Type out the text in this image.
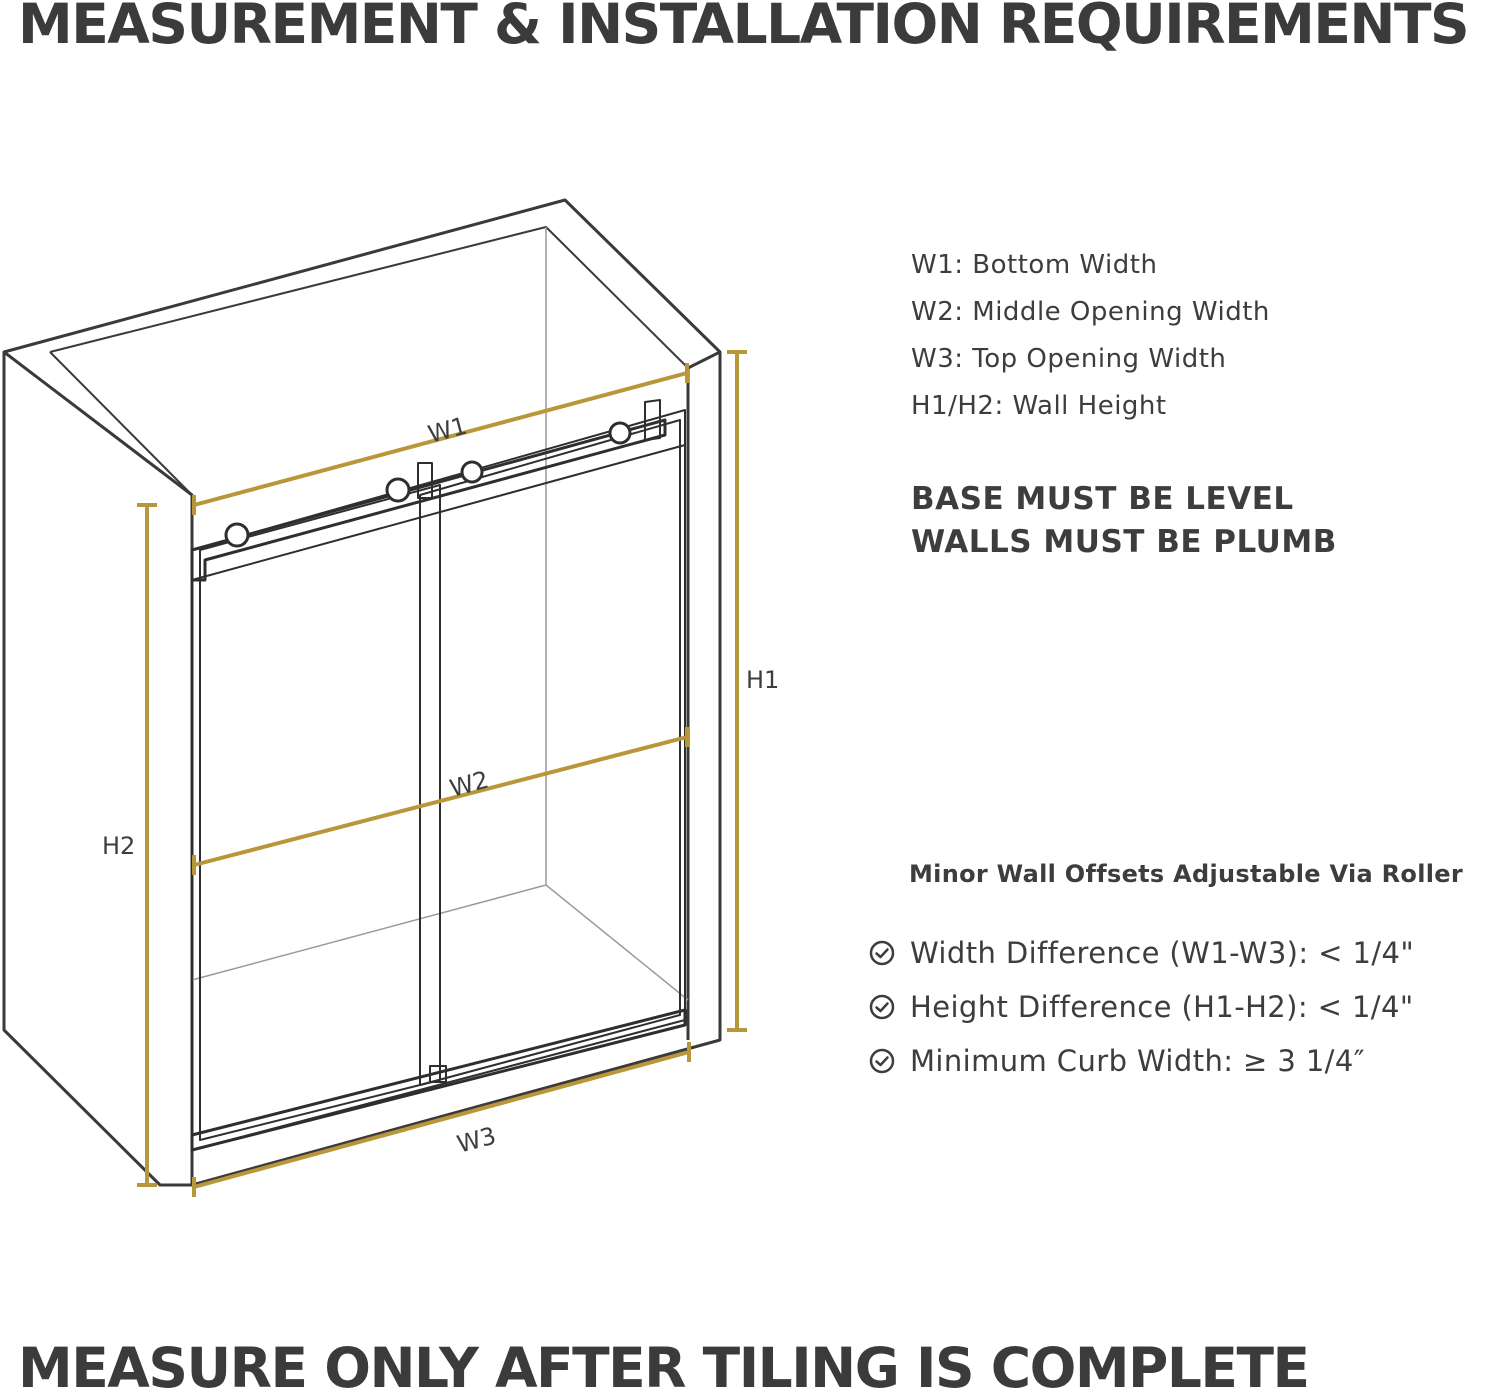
MEASUREMENT & INSTALLATION REQUIREMENTS
W1
W2
W3
H1
H2
W1: Bottom Width
W2: Middle Opening Width
W3: Top Opening Width
H1/H2: Wall Height
BASE MUST BE LEVEL
WALLS MUST BE PLUMB
Minor Wall Offsets Adjustable Via Roller
Width Difference (W1-W3): < 1/4"
Height Difference (H1-H2): < 1/4"
Minimum Curb Width: ≥ 3 1/4″
MEASURE ONLY AFTER TILING IS COMPLETE
